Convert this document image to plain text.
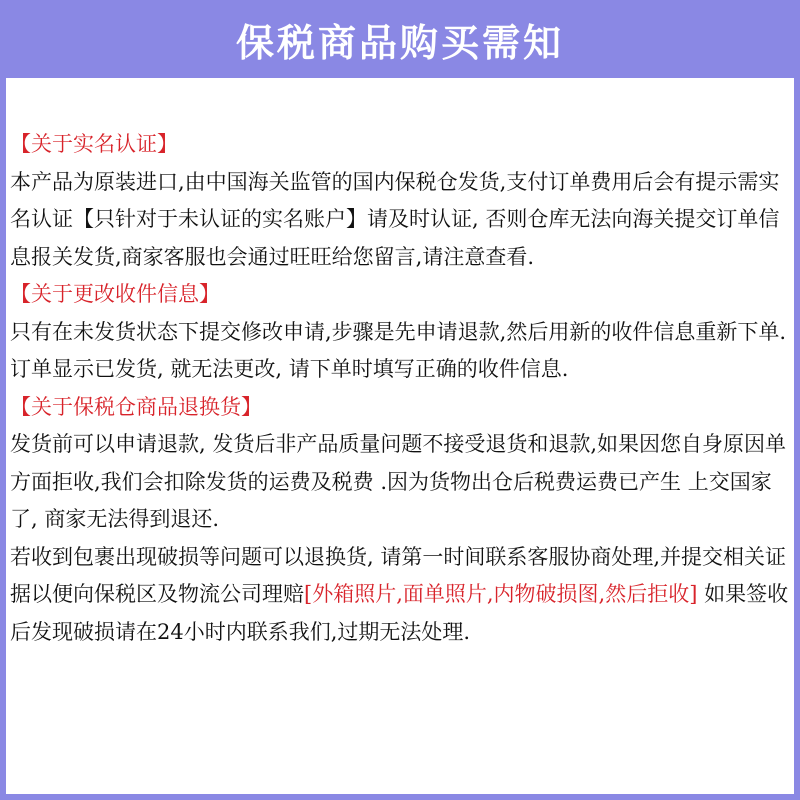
保税商品购买需知

【关于实名认证】

本产品为原装进口,由中国海关监管的国内保税仓发货,支付订单费用后会有提示需实名认证【只针对于未认证的实名账户】请及时认证, 否则仓库无法向海关提交订单信息报关发货,商家客服也会通过旺旺给您留言,请注意查看.

【关于更改收件信息】

只有在未发货状态下提交修改申请,步骤是先申请退款,然后用新的收件信息重新下单. 订单显示已发货, 就无法更改, 请下单时填写正确的收件信息.

【关于保税仓商品退换货】

发货前可以申请退款, 发货后非产品质量问题不接受退货和退款,如果因您自身原因单方面拒收,我们会扣除发货的运费及税费 .因为货物出仓后税费运费已产生 上交国家了, 商家无法得到退还.

若收到包裹出现破损等问题可以退换货, 请第一时间联系客服协商处理,并提交相关证据以便向保税区及物流公司理赔[外箱照片,面单照片,内物破损图,然后拒收] 如果签收后发现破损请在24小时内联系我们,过期无法处理.
